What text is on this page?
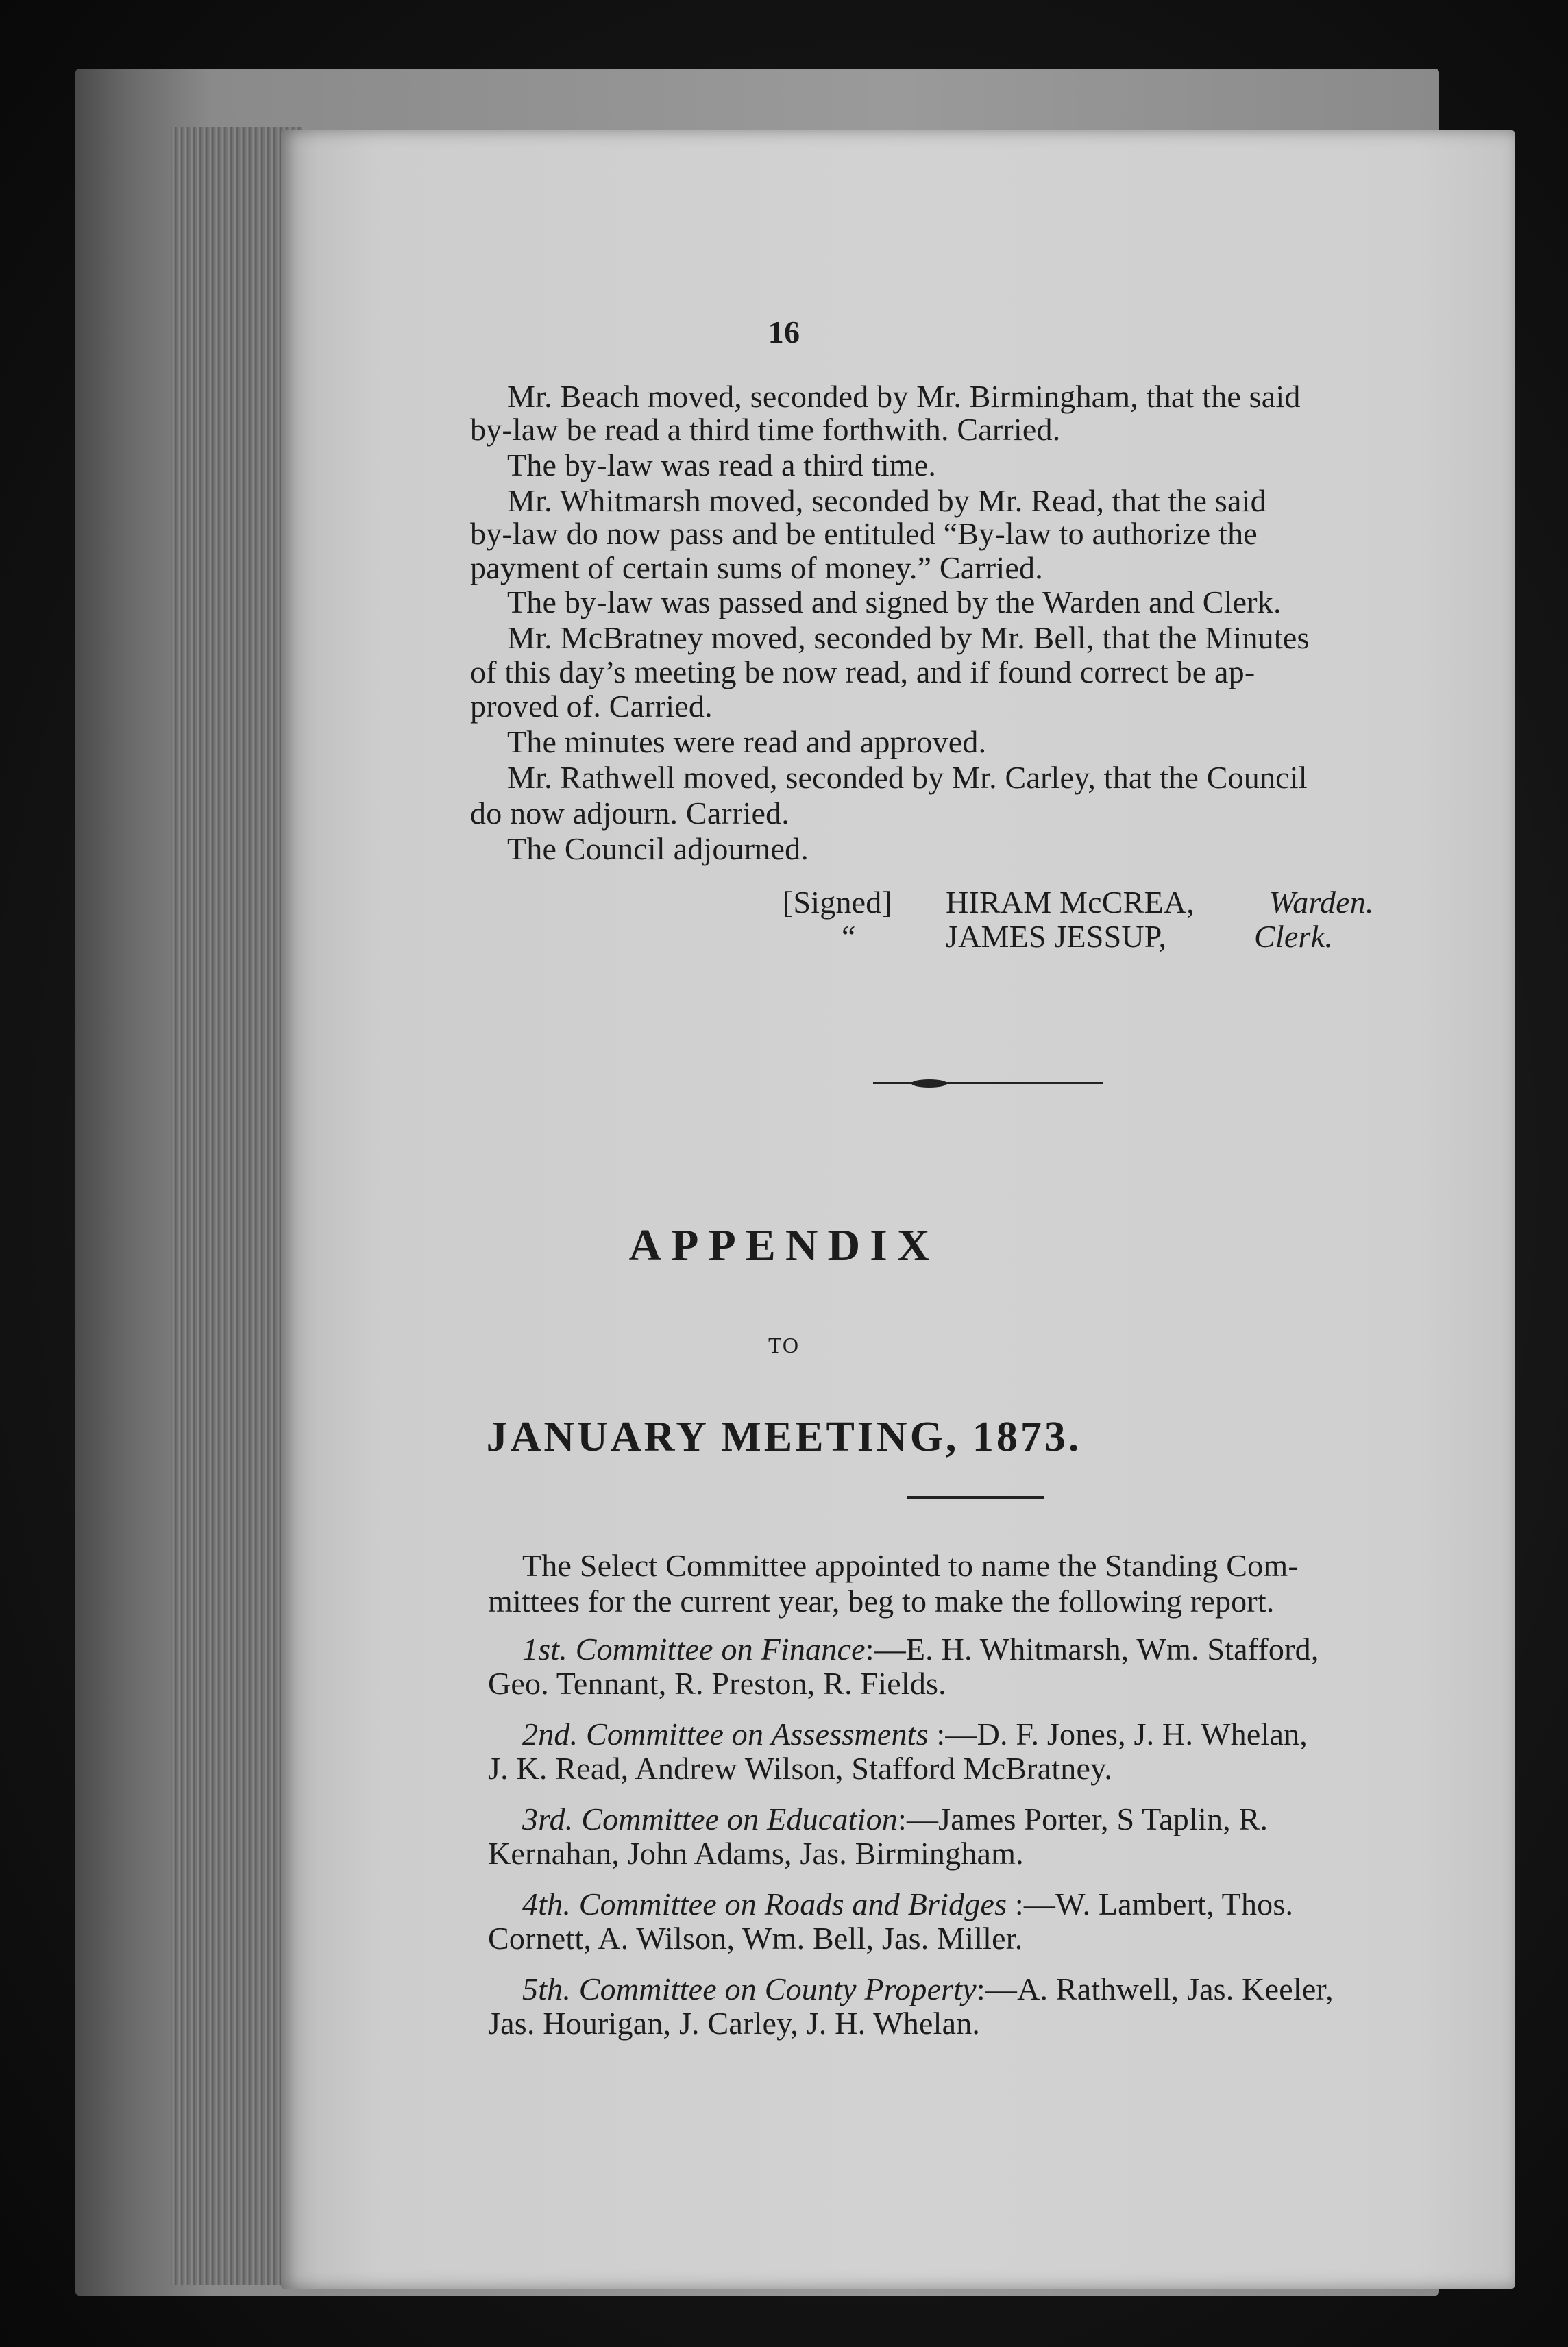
16
Mr. Beach moved, seconded by Mr. Birmingham, that the said
by-law be read a third time forthwith. Carried.
The by-law was read a third time.
Mr. Whitmarsh moved, seconded by Mr. Read, that the said
by-law do now pass and be entituled “By-law to authorize the
payment of certain sums of money.” Carried.
The by-law was passed and signed by the Warden and Clerk.
Mr. McBratney moved, seconded by Mr. Bell, that the Minutes
of this day’s meeting be now read, and if found correct be ap-
proved of. Carried.
The minutes were read and approved.
Mr. Rathwell moved, seconded by Mr. Carley, that the Council
do now adjourn. Carried.
The Council adjourned.
[Signed] HIRAM McCREA, Warden.
“	JAMES JESSUP,	Clerk.
APPENDIX
TO
JANUARY MEETING, 1873.
The Select Committee appointed to name the Standing Com-
mittees for the current year, beg to make the following report.
1st. Committee on Finance:—E. H. Whitmarsh, Wm. Stafford,
Geo. Tennant, R. Preston, R. Fields.
2nd. Committee on Assessments :—D. F. Jones, J. H. Whelan,
J. K. Read, Andrew Wilson, Stafford McBratney.
3rd. Committee on Education:—James Porter, S Taplin, R.
Kernahan, John Adams, Jas. Birmingham.
4th. Committee on Roads and Bridges :—W. Lambert, Thos.
Cornett, A. Wilson, Wm. Bell, Jas. Miller.
5th. Committee on County Property:—A. Rathwell, Jas. Keeler,
Jas. Hourigan, J. Carley, J. H. Whelan.
